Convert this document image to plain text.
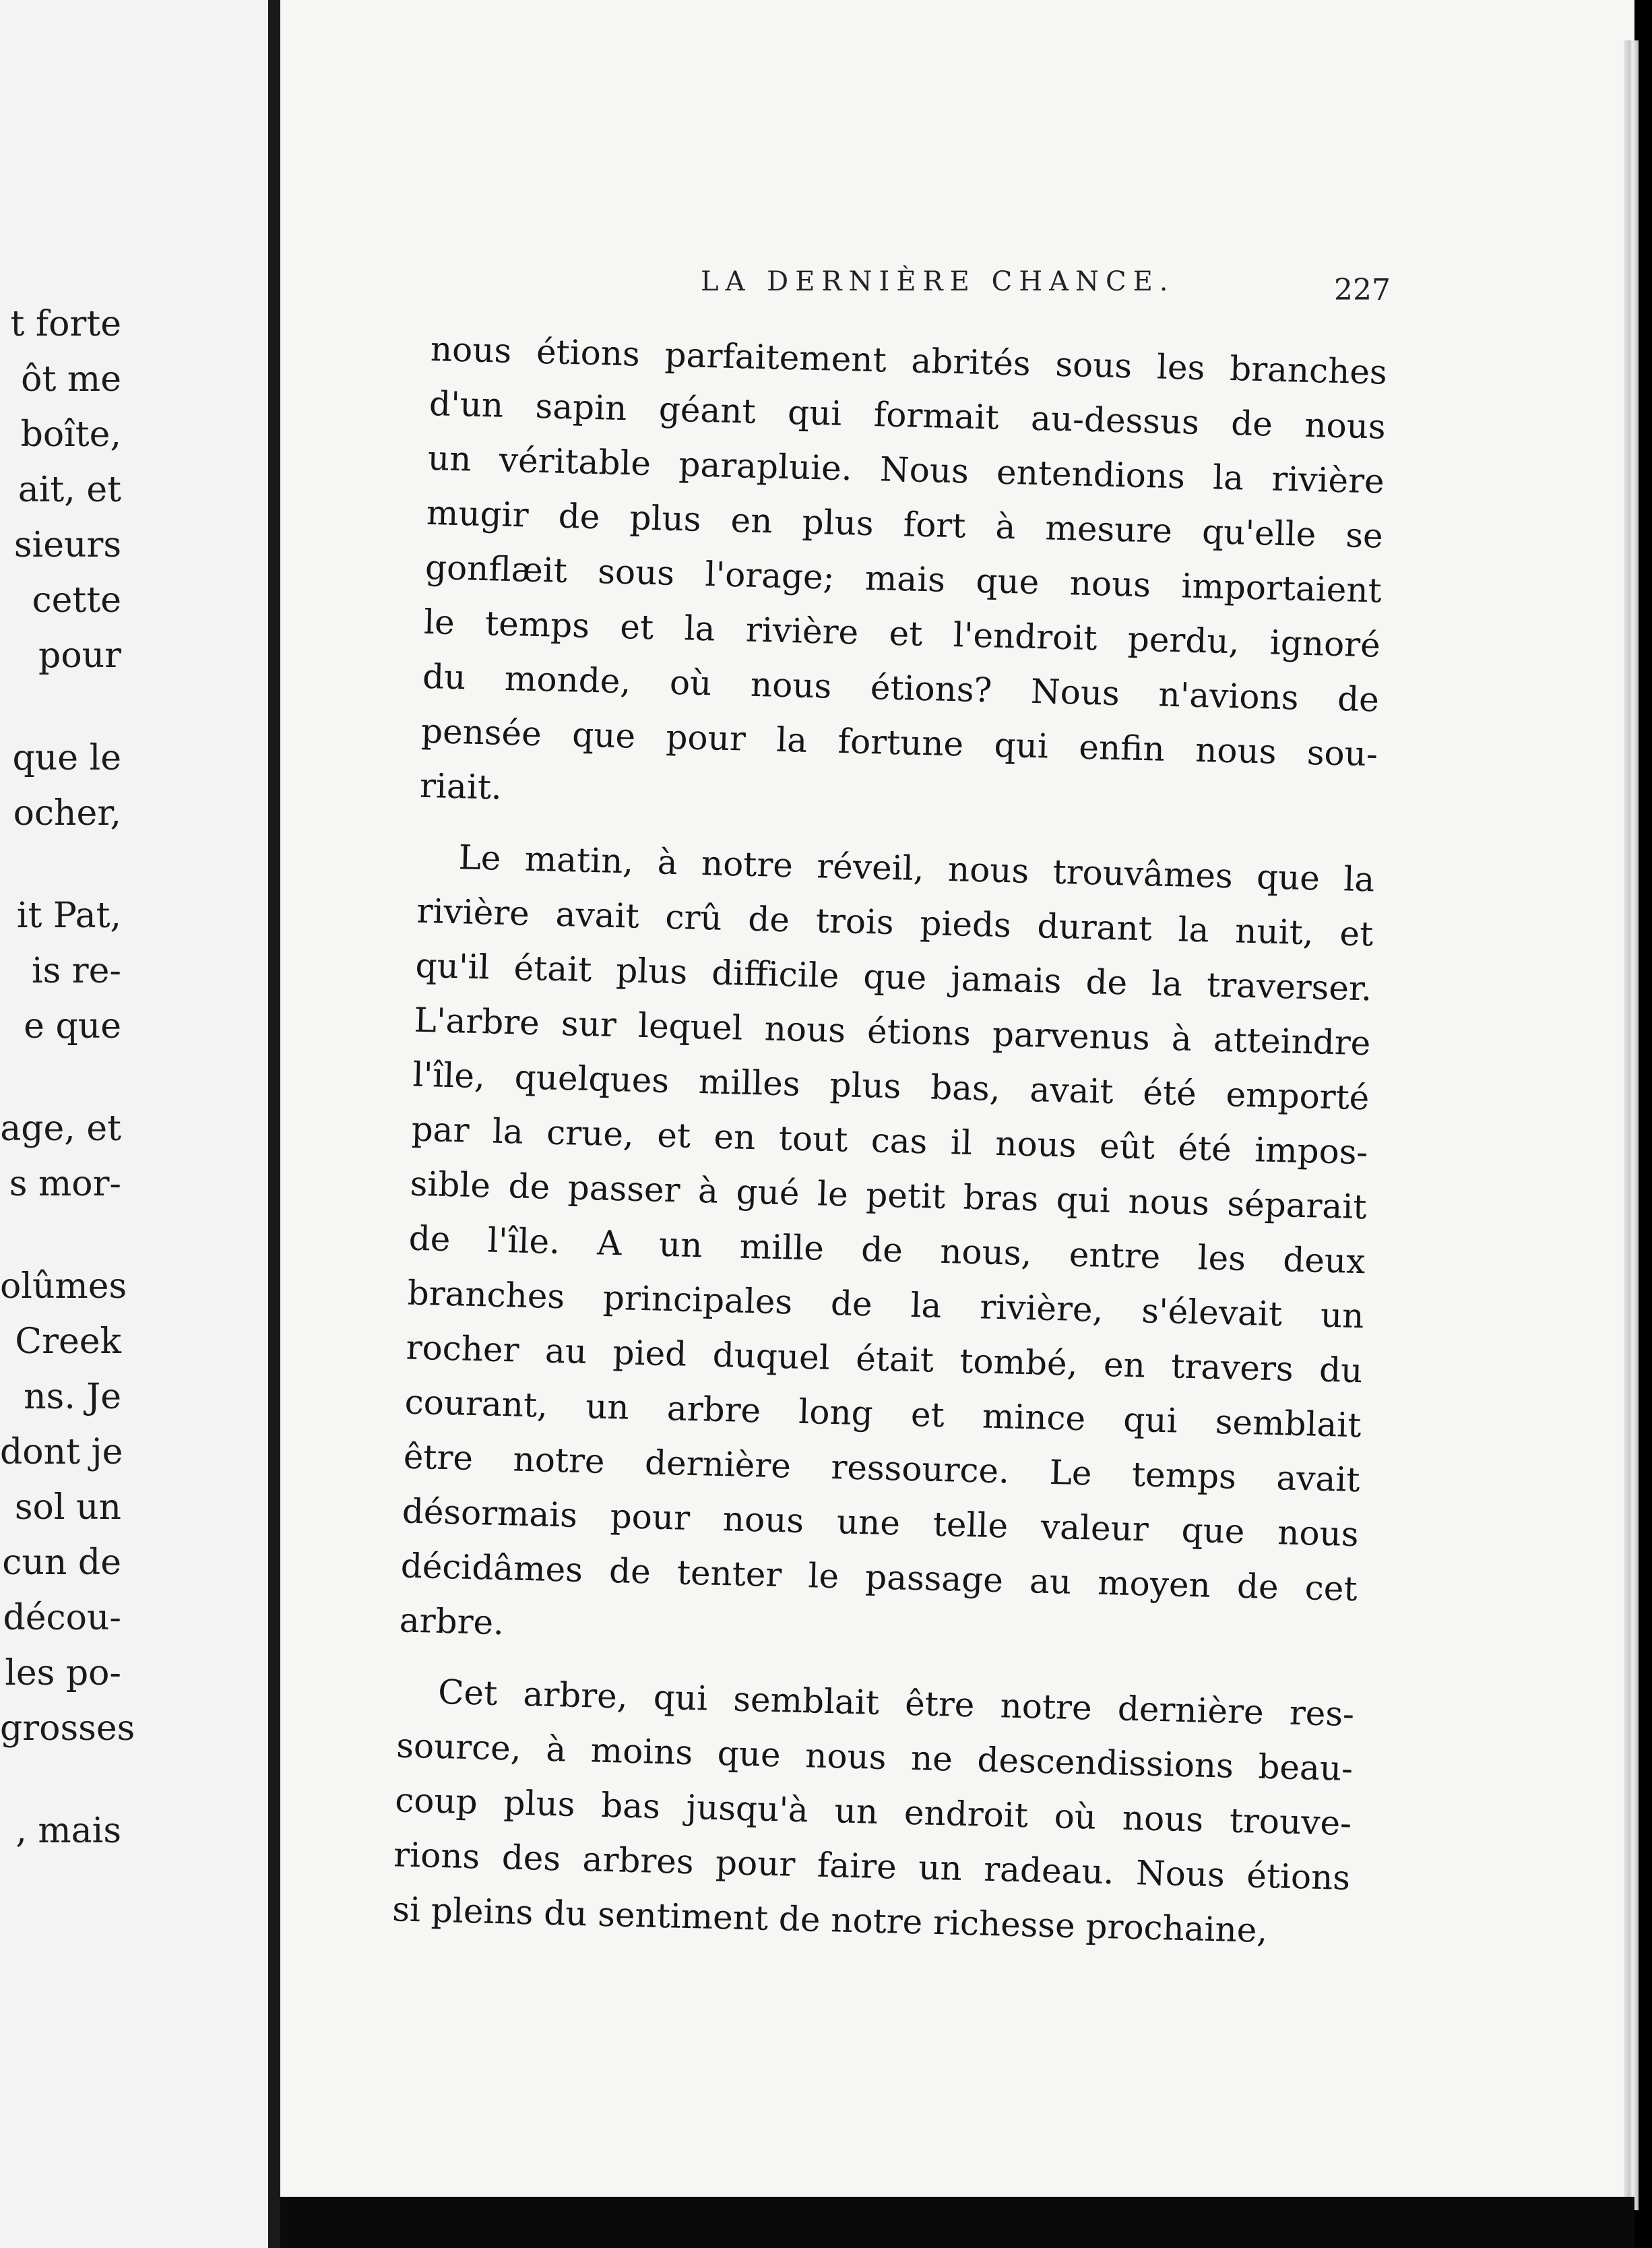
t forte
ôt me
boîte,
ait, et
sieurs
cette
pour
que le
ocher,
it Pat,
is re-
e que
age, et
s mor-
olûmes
Creek
ns. Je
dont je
sol un
cun de
décou-
les po-
grosses
, mais
LA DERNIÈRE CHANCE.	227
nous étions parfaitement abrités sous les branches
d'un sapin géant qui formait au-dessus de nous
un véritable parapluie. Nous entendions la rivière
mugir de plus en plus fort à mesure qu'elle se
gonflæit sous l'orage; mais que nous importaient
le temps et la rivière et l'endroit perdu, ignoré
du monde, où nous étions? Nous n'avions de
pensée que pour la fortune qui enfin nous sou-
riait.
Le matin, à notre réveil, nous trouvâmes que la
rivière avait crû de trois pieds durant la nuit, et
qu'il était plus difficile que jamais de la traverser.
L'arbre sur lequel nous étions parvenus à atteindre
l'île, quelques milles plus bas, avait été emporté
par la crue, et en tout cas il nous eût été impos-
sible de passer à gué le petit bras qui nous séparait
de l'île. A un mille de nous, entre les deux
branches principales de la rivière, s'élevait un
rocher au pied duquel était tombé, en travers du
courant, un arbre long et mince qui semblait
être notre dernière ressource. Le temps avait
désormais pour nous une telle valeur que nous
décidâmes de tenter le passage au moyen de cet
arbre.
Cet arbre, qui semblait être notre dernière res-
source, à moins que nous ne descendissions beau-
coup plus bas jusqu'à un endroit où nous trouve-
rions des arbres pour faire un radeau. Nous étions
si pleins du sentiment de notre richesse prochaine,
